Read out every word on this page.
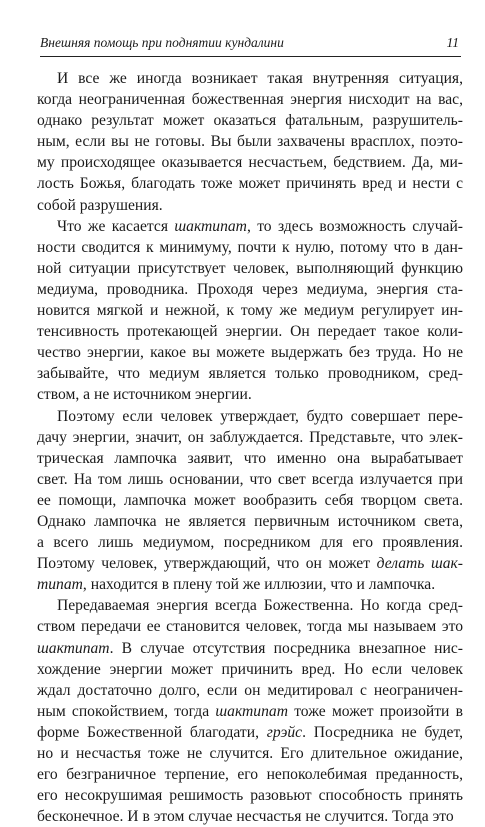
Внешняя помощь при поднятии кундалини	11
И все же иногда возникает такая внутренняя ситуация,
когда неограниченная божественная энергия нисходит на вас,
однако результат может оказаться фатальным, разрушитель-
ным, если вы не готовы. Вы были захвачены врасплох, поэто-
му происходящее оказывается несчастьем, бедствием. Да, ми-
лость Божья, благодать тоже может причинять вред и нести с
собой разрушения.
Что же касается шактипат, то здесь возможность случай-
ности сводится к минимуму, почти к нулю, потому что в дан-
ной ситуации присутствует человек, выполняющий функцию
медиума, проводника. Проходя через медиума, энергия ста-
новится мягкой и нежной, к тому же медиум регулирует ин-
тенсивность протекающей энергии. Он передает такое коли-
чество энергии, какое вы можете выдержать без труда. Но не
забывайте, что медиум является только проводником, сред-
ством, а не источником энергии.
Поэтому если человек утверждает, будто совершает пере-
дачу энергии, значит, он заблуждается. Представьте, что элек-
трическая лампочка заявит, что именно она вырабатывает
свет. На том лишь основании, что свет всегда излучается при
ее помощи, лампочка может вообразить себя творцом света.
Однако лампочка не является первичным источником света,
а всего лишь медиумом, посредником для его проявления.
Поэтому человек, утверждающий, что он может делать шак-
типат, находится в плену той же иллюзии, что и лампочка.
Передаваемая энергия всегда Божественна. Но когда сред-
ством передачи ее становится человек, тогда мы называем это
шактипат. В случае отсутствия посредника внезапное нис-
хождение энергии может причинить вред. Но если человек
ждал достаточно долго, если он медитировал с неограничен-
ным спокойствием, тогда шактипат тоже может произойти в
форме Божественной благодати, грэйс. Посредника не будет,
но и несчастья тоже не случится. Его длительное ожидание,
его безграничное терпение, его непоколебимая преданность,
его несокрушимая решимость разовьют способность принять
бесконечное. И в этом случае несчастья не случится. Тогда это
